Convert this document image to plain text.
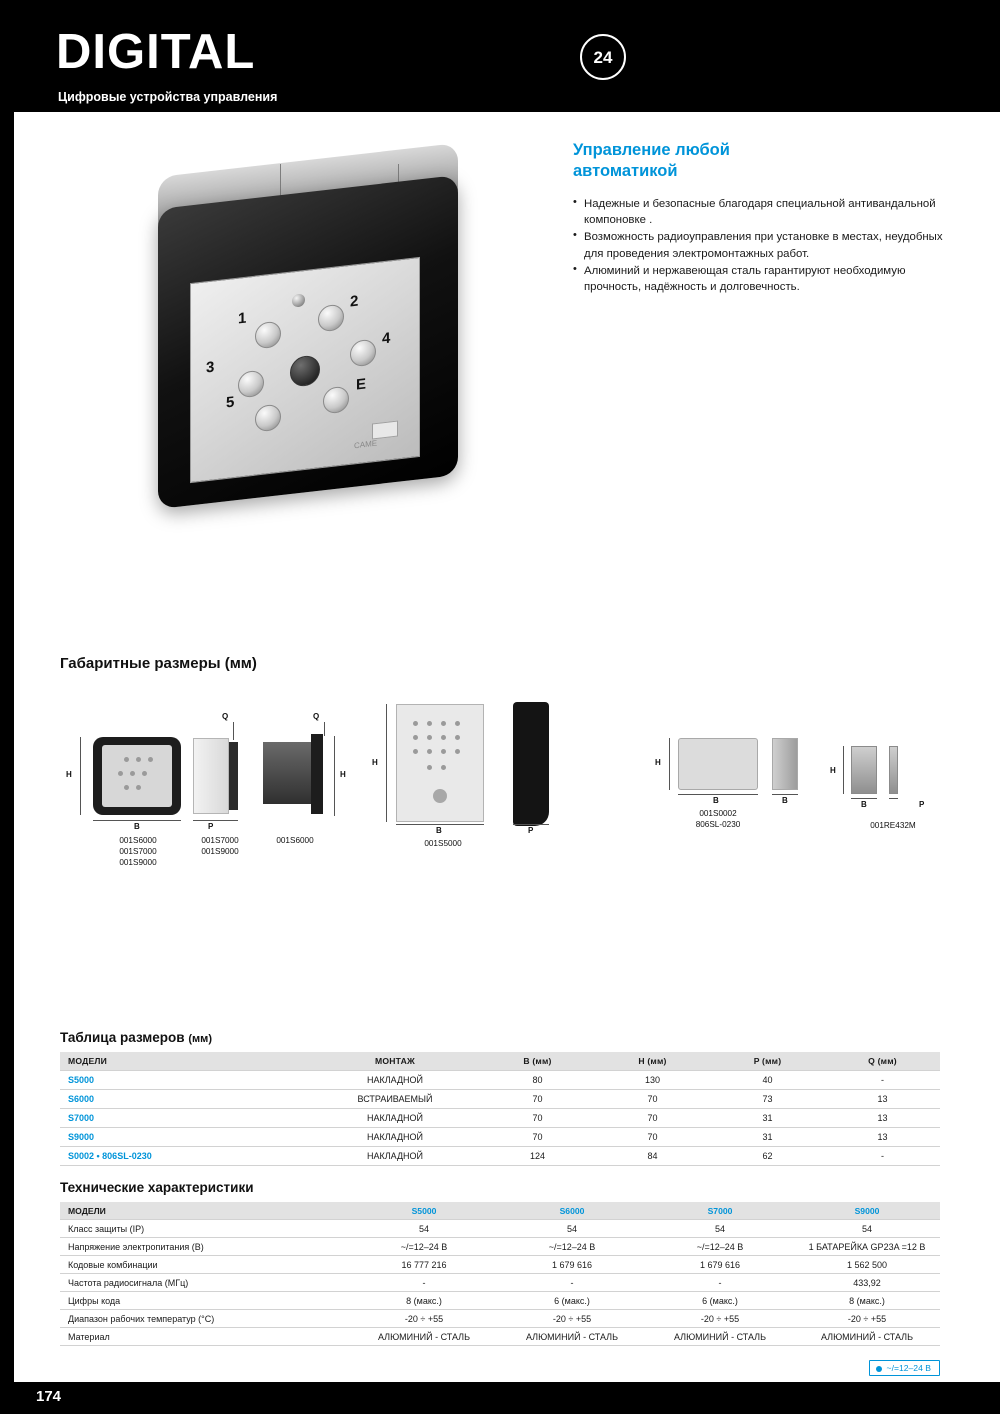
DIGITAL
Цифровые устройства управления
24
1
2
3
4
5
E
CAME
Управление любой
автоматикой
• Надежные и безопасные благодаря специальной антивандальной компоновке .
• Возможность радиоуправления при установке в местах, неудобных для проведения электромонтажных работ.
• Алюминий и нержавеющая сталь гарантируют необходимую прочность, надёжность и долговечность.
Габаритные размеры (мм)
H
B
001S6000
001S7000
001S9000
Q
P
001S7000
001S9000
Q
H
001S6000
H
B	P
001S5000
H
B	B
001S0002
806SL-0230
H
B	P
001RE432M
Таблица размеров (мм)
МОДЕЛИ	МОНТАЖ	B (мм)	H (мм)	P (мм)	Q (мм)
S5000	НАКЛАДНОЙ	80	130	40	-
S6000	ВСТРАИВАЕМЫЙ	70	70	73	13
S7000	НАКЛАДНОЙ	70	70	31	13
S9000	НАКЛАДНОЙ	70	70	31	13
S0002 • 806SL-0230	НАКЛАДНОЙ	124	84	62	-
Технические характеристики
МОДЕЛИ	S5000	S6000	S7000	S9000
Класс защиты (IP)	54	54	54	54
Напряжение электропитания (B)	~/=12–24 В	~/=12–24 В	~/=12–24 В	1 БАТАРЕЙКА GP23A =12 В
Кодовые комбинации	16 777 216	1 679 616	1 679 616	1 562 500
Частота радиосигнала (МГц)	-	-	-	433,92
Цифры кода	8 (макс.)	6 (макс.)	6 (макс.)	8 (макс.)
Диапазон рабочих температур (°C)	-20 ÷ +55	-20 ÷ +55	-20 ÷ +55	-20 ÷ +55
Материал	АЛЮМИНИЙ - СТАЛЬ	АЛЮМИНИЙ - СТАЛЬ	АЛЮМИНИЙ - СТАЛЬ	АЛЮМИНИЙ - СТАЛЬ
~/=12–24 В
174
